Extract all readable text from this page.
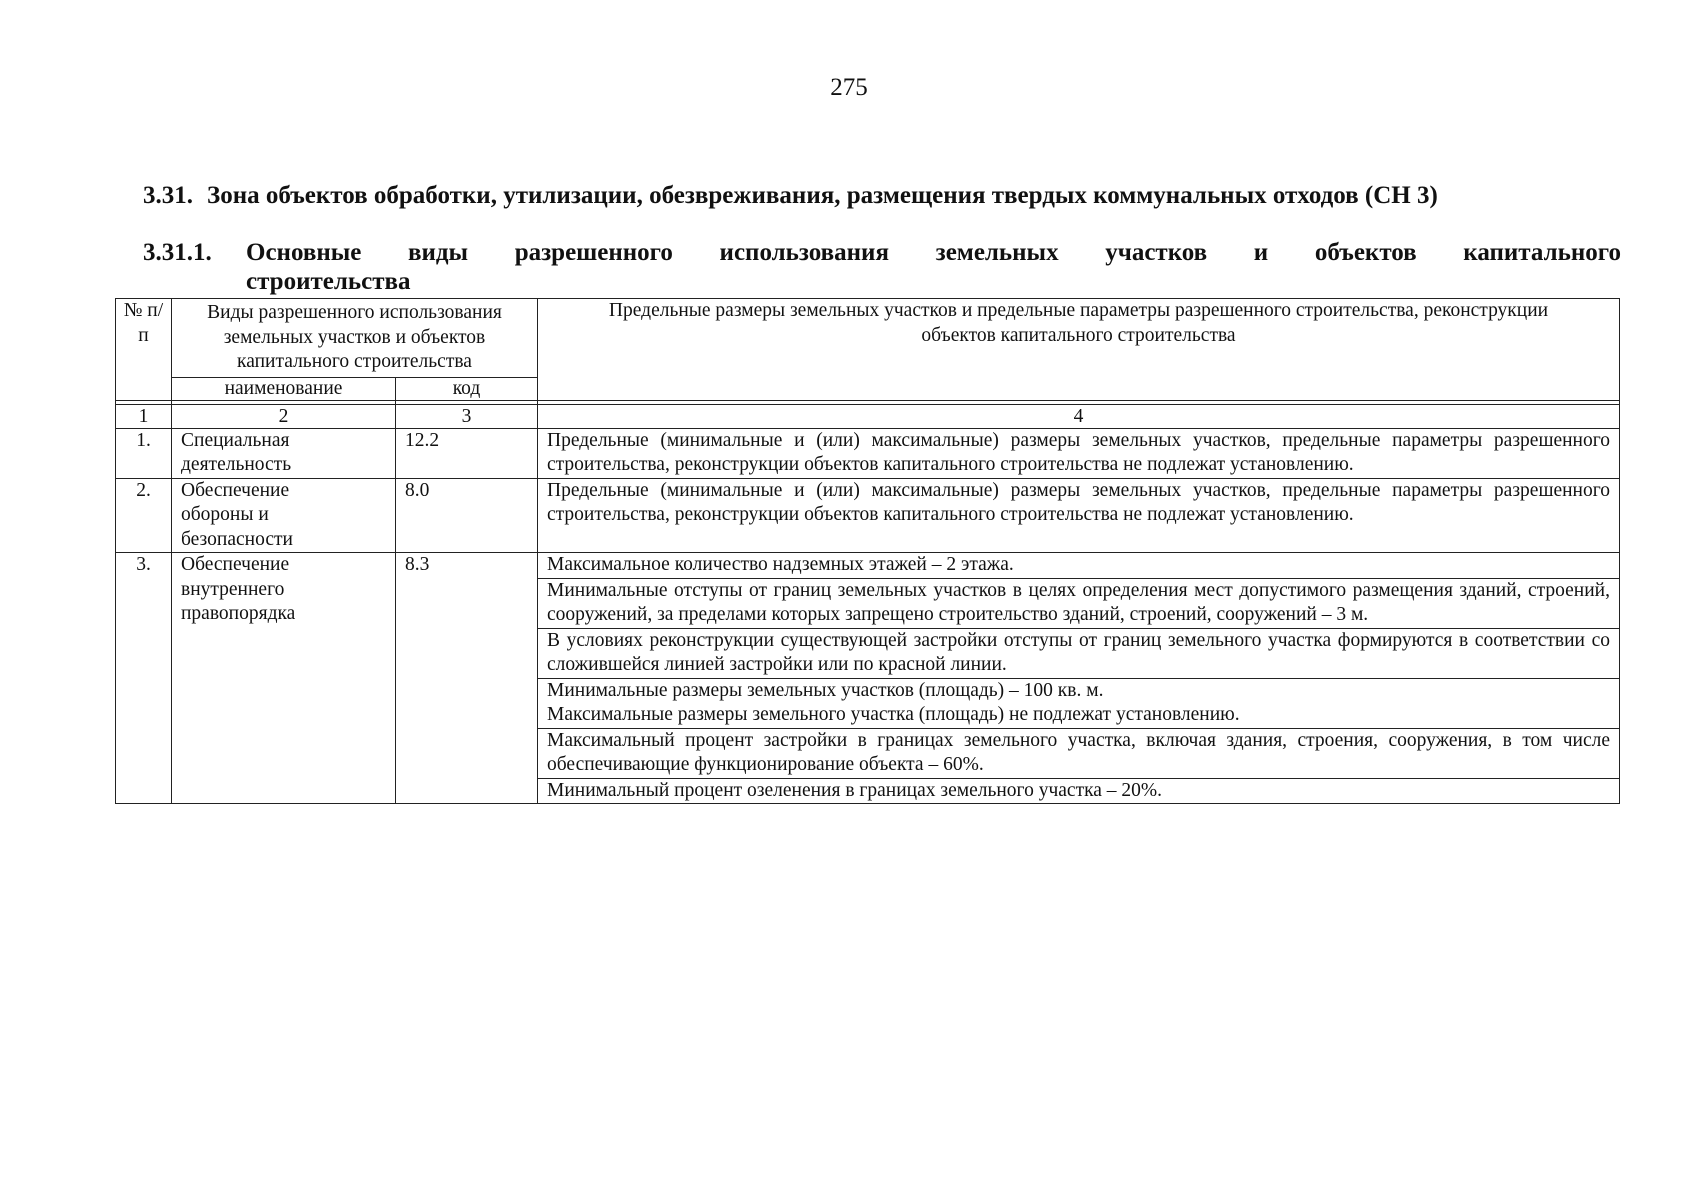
275
3.31. Зона объектов обработки, утилизации, обезвреживания, размещения твердых коммунальных отходов (СН 3)
3.31.1.	Основные виды разрешенного использования земельных участков и объектов капитального
строительства
№ п/п	Виды разрешенного использования земельных участков и объектов капитального строительства		Предельные размеры земельных участков и предельные параметры разрешенного строительства, реконструкции объектов капитального строительства
	наименование	код	

1	2	3	4
1.	Специальная деятельность	12.2	Предельные (минимальные и (или) максимальные) размеры земельных участков, предельные параметры разрешенного строительства, реконструкции объектов капитального строительства не подлежат установлению.
2.	Обеспечение обороны и безопасности	8.0	Предельные (минимальные и (или) максимальные) размеры земельных участков, предельные параметры разрешенного строительства, реконструкции объектов капитального строительства не подлежат установлению.
3.	Обеспечение внутреннего правопорядка	8.3	Максимальное количество надземных этажей – 2 этажа.
			Минимальные отступы от границ земельных участков в целях определения мест допустимого размещения зданий, строений, сооружений, за пределами которых запрещено строительство зданий, строений, сооружений – 3 м.
			В условиях реконструкции существующей застройки отступы от границ земельного участка формируются в соответствии со сложившейся линией застройки или по красной линии.

			Минимальные размеры земельных участков (площадь) – 100 кв. м.
Максимальные размеры земельного участка (площадь) не подлежат установлению.

			Максимальный процент застройки в границах земельного участка, включая здания, строения, сооружения, в том числе обеспечивающие функционирование объекта – 60%.
			Минимальный процент озеленения в границах земельного участка – 20%.
